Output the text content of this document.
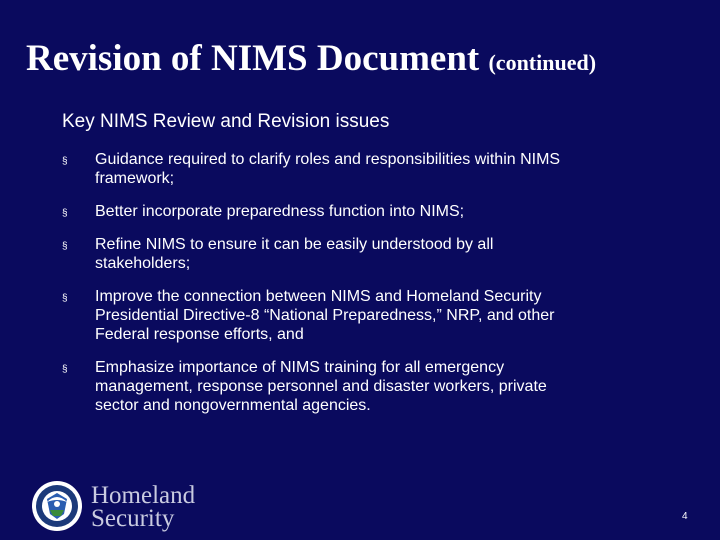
Revision of NIMS Document (continued)
Key NIMS Review and Revision issues
§ Guidance required to clarify roles and responsibilities within NIMS
framework;
§ Better incorporate preparedness function into NIMS;
§ Refine NIMS to ensure it can be easily understood by all
stakeholders;
§ Improve the connection between NIMS and Homeland Security
Presidential Directive-8 “National Preparedness,” NRP, and other
Federal response efforts, and
§ Emphasize importance of NIMS training for all emergency
management, response personnel and disaster workers, private
sector and nongovernmental agencies.
Homeland
Security	4
